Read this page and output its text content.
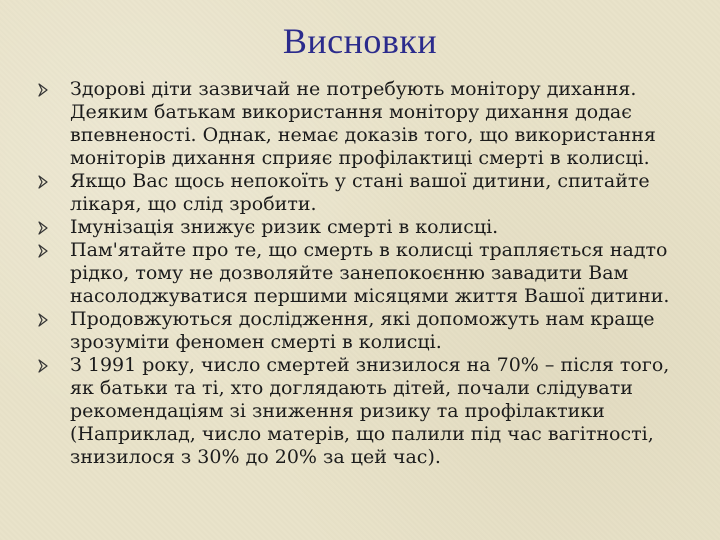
Висновки
Здорові діти зазвичай не потребують монітору дихання. Деяким батькам використання монітору дихання додає впевненості. Однак, немає доказів того, що використання моніторів дихання сприяє профілактиці смерті в колисці.
Якщо Вас щось непокоїть у стані вашої дитини, спитайте лікаря, що слід зробити.
Імунізація знижує ризик смерті в колисці.
Пам'ятайте про те, що смерть в колисці трапляється надто рідко, тому не дозволяйте занепокоєнню завадити Вам насолоджуватися першими місяцями життя Вашої дитини.
Продовжуються дослідження, які допоможуть нам краще зрозуміти феномен смерті в колисці.
З 1991 року, число смертей знизилося на 70% – після того, як батьки та ті, хто доглядають дітей, почали слідувати рекомендаціям зі зниження ризику та профілактики (Наприклад, число матерів, що палили під час вагітності, знизилося з 30% до 20% за цей час).
